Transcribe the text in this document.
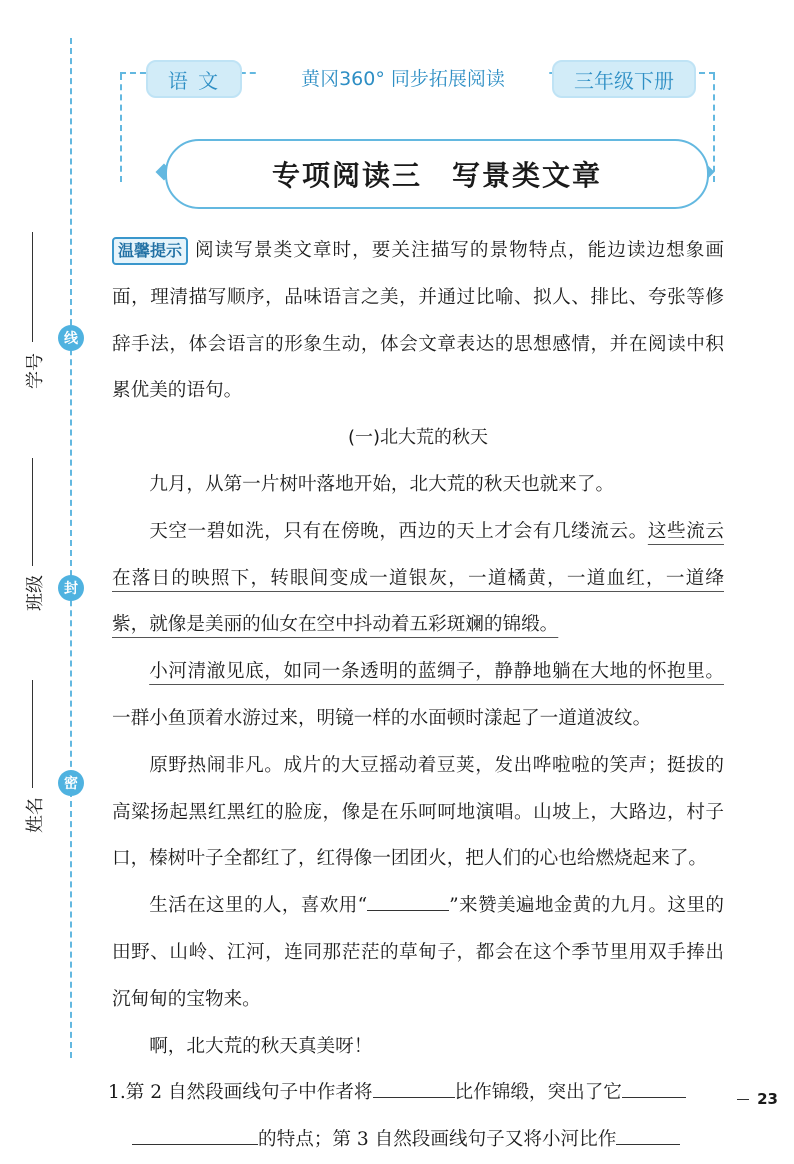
线
封
密
学号
班级
姓名
语 文	黄冈360° 同步拓展阅读	三年级下册
专项阅读三　写景类文章

温馨提示 阅读写景类文章时，要关注描写的景物特点，能边读边想象画面，理清描写顺序，品味语言之美，并通过比喻、拟人、排比、夸张等修辞手法，体会语言的形象生动，体会文章表达的思想感情，并在阅读中积累优美的语句。

(一)北大荒的秋天

九月，从第一片树叶落地开始，北大荒的秋天也就来了。

天空一碧如洗，只有在傍晚，西边的天上才会有几缕流云。这些流云在落日的映照下，转眼间变成一道银灰，一道橘黄，一道血红，一道绛紫，就像是美丽的仙女在空中抖动着五彩斑斓的锦缎。

小河清澈见底，如同一条透明的蓝绸子，静静地躺在大地的怀抱里。一群小鱼顶着水游过来，明镜一样的水面顿时漾起了一道道波纹。

原野热闹非凡。成片的大豆摇动着豆荚，发出哗啦啦的笑声；挺拔的高粱扬起黑红黑红的脸庞，像是在乐呵呵地演唱。山坡上，大路边，村子口，榛树叶子全都红了，红得像一团团火，把人们的心也给燃烧起来了。

生活在这里的人，喜欢用“	”来赞美遍地金黄的九月。这里的田野、山岭、江河，连同那茫茫的草甸子，都会在这个季节里用双手捧出沉甸甸的宝物来。

啊，北大荒的秋天真美呀！

1.第 2 自然段画线句子中作者将	比作锦缎，突出了它

的特点；第 3 自然段画线句子又将小河比作

23
